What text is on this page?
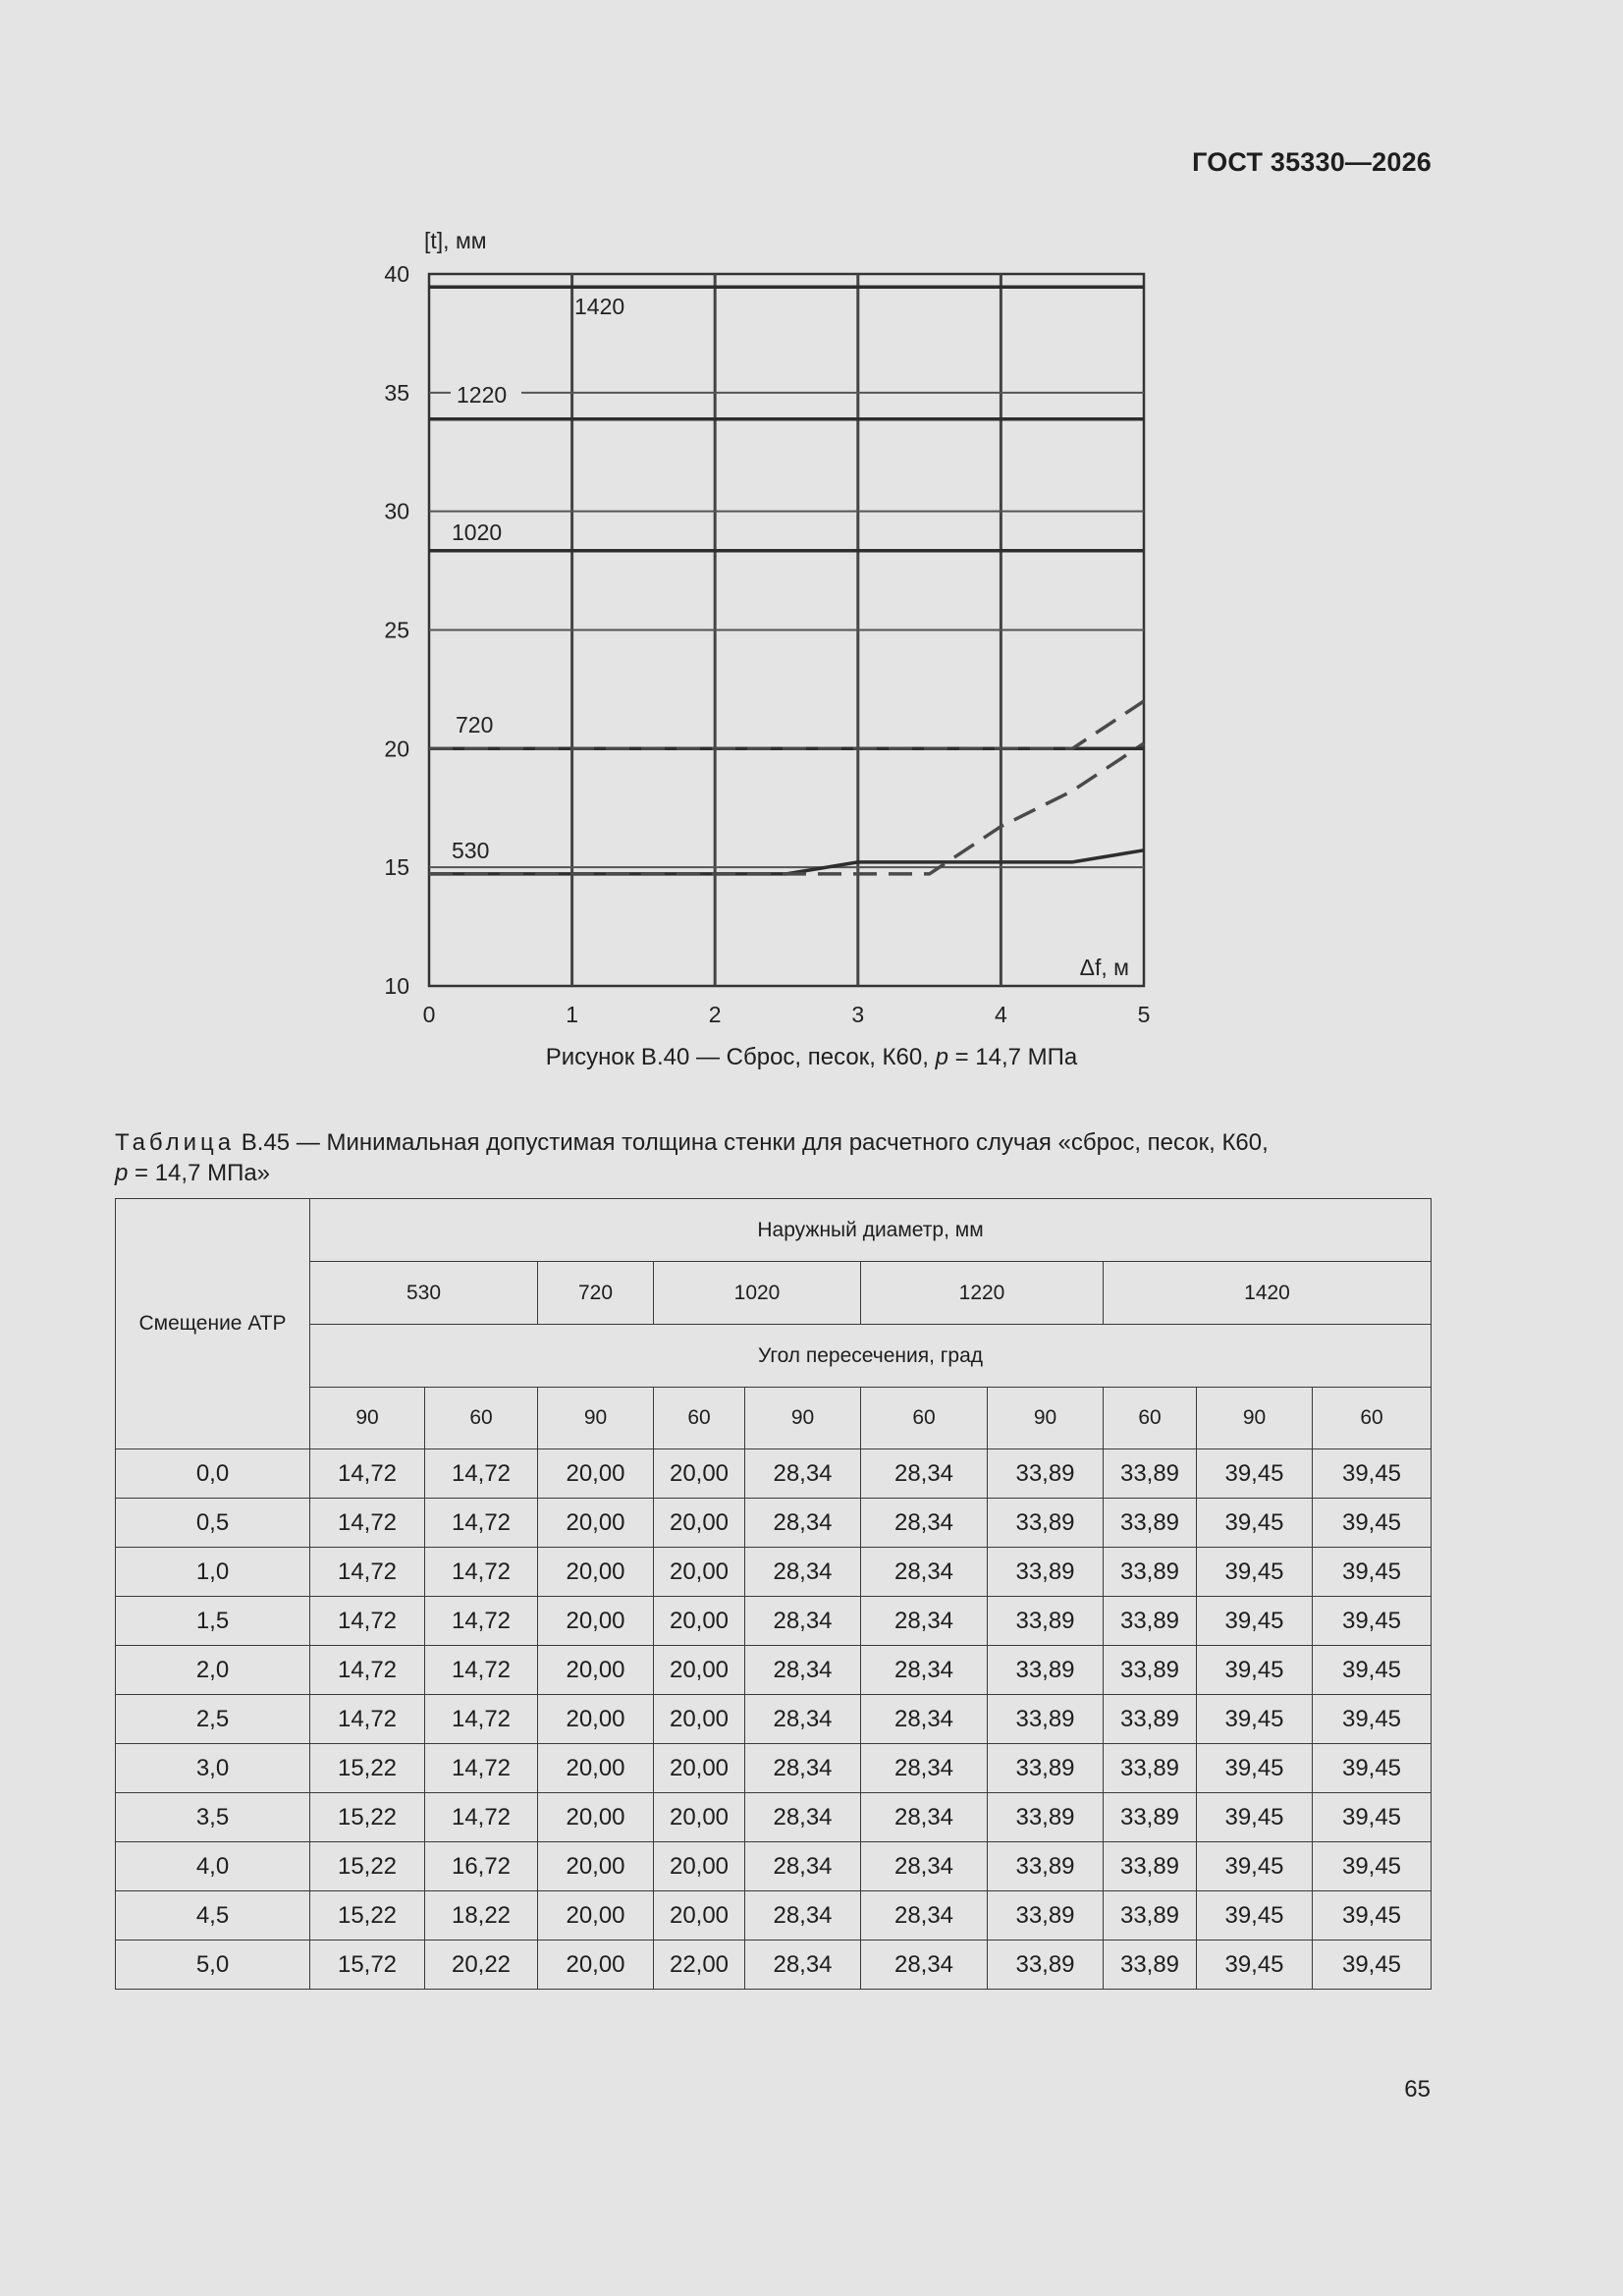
ГОСТ 35330—2026
0	1	2	3	4	5
10
15
20
25
30
35
40
1420
1220
1020
720
530
[t], мм
Δf, м
Рисунок В.40 — Сброс, песок, К60, p = 14,7 МПа
Таблица В.45 — Минимальная допустимая толщина стенки для расчетного случая «сброс, песок, К60,
p = 14,7 МПа»
Смещение АТР	Наружный диаметр, мм									
	530		720	1020		1220		1420		
	Угол пересечения, град									
	90	60	90	60	90	60	90	60	90	60
0,0	14,72	14,72	20,00	20,00	28,34	28,34	33,89	33,89	39,45	39,45
0,5	14,72	14,72	20,00	20,00	28,34	28,34	33,89	33,89	39,45	39,45
1,0	14,72	14,72	20,00	20,00	28,34	28,34	33,89	33,89	39,45	39,45
1,5	14,72	14,72	20,00	20,00	28,34	28,34	33,89	33,89	39,45	39,45
2,0	14,72	14,72	20,00	20,00	28,34	28,34	33,89	33,89	39,45	39,45
2,5	14,72	14,72	20,00	20,00	28,34	28,34	33,89	33,89	39,45	39,45
3,0	15,22	14,72	20,00	20,00	28,34	28,34	33,89	33,89	39,45	39,45
3,5	15,22	14,72	20,00	20,00	28,34	28,34	33,89	33,89	39,45	39,45
4,0	15,22	16,72	20,00	20,00	28,34	28,34	33,89	33,89	39,45	39,45
4,5	15,22	18,22	20,00	20,00	28,34	28,34	33,89	33,89	39,45	39,45
5,0	15,72	20,22	20,00	22,00	28,34	28,34	33,89	33,89	39,45	39,45
65
